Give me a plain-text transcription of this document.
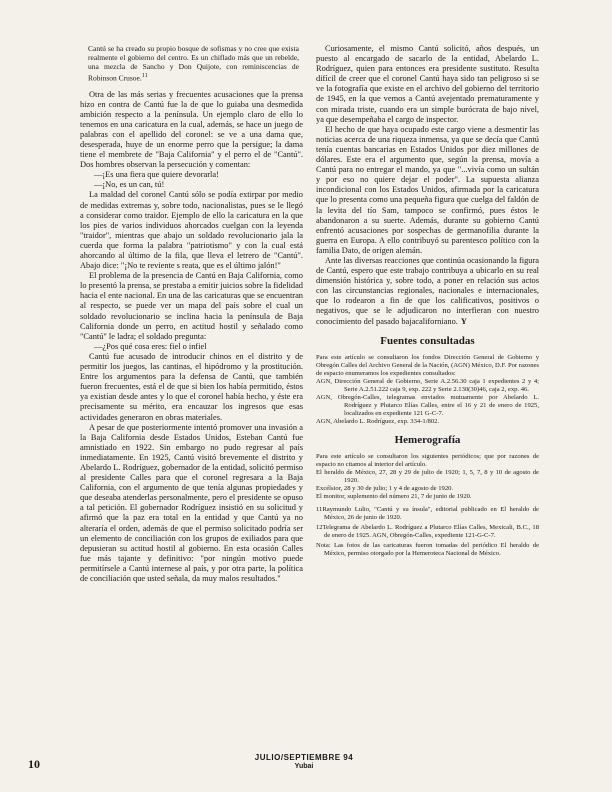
Cantú se ha creado su propio bosque de sofismas y no cree que exista realmente el gobierno del centro. Es un chiflado más que un rebelde, una mezcla de Sancho y Don Quijote, con reminiscencias de Robinson Crusoe.$^{11}$

Otra de las más serias y frecuentes acusaciones que la prensa hizo en contra de Cantú fue la de que lo guiaba una desmedida ambición respecto a la península. Un ejemplo claro de ello lo tenemos en una caricatura en la cual, además, se hace un juego de palabras con el apellido del coronel: se ve a una dama que, desesperada, huye de un enorme perro que la persigue; la dama tiene el membrete de "Baja California" y el perro el de "Cantú". Dos hombres observan la persecución y comentan:

—¡Es una fiera que quiere devorarla!

—¡No, es un can, tú!

La maldad del coronel Cantú sólo se podía extirpar por medio de medidas extremas y, sobre todo, nacionalistas, pues se le llegó a considerar como traidor. Ejemplo de ello la caricatura en la que los pies de varios individuos ahorcados cuelgan con la leyenda "traidor", mientras que abajo un soldado revolucionario jala la cuerda que forma la palabra "patriotismo" y con la cual está ahorcando al último de la fila, que lleva el letrero de "Cantú". Abajo dice: "¡No te reviente s reata, que es el último jalón!"

El problema de la presencia de Cantú en Baja California, como lo presentó la prensa, se prestaba a emitir juicios sobre la fidelidad hacia el ente nacional. En una de las caricaturas que se encuentran al respecto, se puede ver un mapa del país sobre el cual un soldado revolucionario se inclina hacia la península de Baja California donde un perro, en actitud hostil y señalado como "Cantú" le ladra; el soldado pregunta:

—¿Pos qué cosa eres: fiel o infiel

Cantú fue acusado de introducir chinos en el distrito y de permitir los juegos, las cantinas, el hipódromo y la prostitución. Entre los argumentos para la defensa de Cantú, que también fueron frecuentes, está el de que si bien los había permitido, éstos ya existían desde antes y lo que el coronel había hecho, y éste era precisamente su mérito, era encauzar los ingresos que esas actividades generaron en obras materiales.

A pesar de que posteriormente intentó promover una invasión a la Baja California desde Estados Unidos, Esteban Cantú fue amnistiado en 1922. Sin embargo no pudo regresar al país inmediatamente. En 1925, Cantú visitó brevemente el distrito y Abelardo L. Rodríguez, gobernador de la entidad, solicitó permiso al presidente Calles para que el coronel regresara a la Baja California, con el argumento de que tenía algunas propiedades y que deseaba atenderlas personalmente, pero el presidente se opuso a tal petición. El gobernador Rodríguez insistió en su solicitud y afirmó que la paz era total en la entidad y que Cantú ya no alteraría el orden, además de que el permiso solicitado podría ser un elemento de conciliación con los grupos de exiliados para que depusieran su actitud hostil al gobierno. En esta ocasión Calles fue más tajante y definitivo: "por ningún motivo puede permitírsele a Cantú internese al país, y por otra parte, la política de conciliación que usted señala, da muy malos resultados."

Curiosamente, el mismo Cantú solicitó, años después, un puesto al encargado de sacarlo de la entidad, Abelardo L. Rodríguez, quien para entonces era presidente sustituto. Resulta difícil de creer que el coronel Cantú haya sido tan peligroso si se ve la fotografía que existe en el archivo del gobierno del territorio de 1945, en la que vemos a Cantú avejentado prematuramente y con mirada triste, cuando era un simple burócrata de bajo nivel, ya que desempeñaba el cargo de inspector.

El hecho de que haya ocupado este cargo viene a desmentir las noticias acerca de una riqueza inmensa, ya que se decía que Cantú tenía cuentas bancarias en Estados Unidos por diez millones de dólares. Este era el argumento que, según la prensa, movía a Cantú para no entregar el mando, ya que "...vivía como un sultán y por eso no quiere dejar el poder". La supuesta alianza incondicional con los Estados Unidos, afirmada por la caricatura que lo presenta como una pequeña figura que cuelga del faldón de la levita del tío Sam, tampoco se confirmó, pues éstos le abandonaron a su suerte. Además, durante su gobierno Cantú enfrentó acusaciones por sospechas de germanofilia durante la guerra en Europa. A ello contribuyó su parentesco político con la familia Dato, de origen alemán.

Ante las diversas reacciones que continúa ocasionando la figura de Cantú, espero que este trabajo contribuya a ubicarlo en su real dimensión histórica y, sobre todo, a poner en relación sus actos con las circunstancias regionales, nacionales e internacionales, que lo rodearon a fin de que los calificativos, positivos o negativos, que se le adjudicaron no interfieran con nuestro conocimiento del pasado bajacaliforniano. Y

Fuentes consultadas

Para este artículo se consultaron los fondos Dirección General de Gobierno y Obregón Calles del Archivo General de la Nación, (AGN) México, D.F. Por razones de espacio enumeramos los expedientes consultados:

AGN, Dirección General de Gobierno, Serie A.2.56.30 caja 1 expedientes 2 y 4; Serie A.2.51.222 caja 9, exp. 222 y Serie 2.130(30)46, caja 2, exp. 46.

AGN, Obregón-Calles, telegramas enviados mutuamente por Abelardo L. Rodríguez y Plutarco Elías Calles, entre el 16 y 21 de enero de 1925, localizados en expediente 121 G-C-7.

AGN, Abelardo L. Rodríguez, exp. 334-1/802.

Hemerografía

Para este artículo se consultaron los siguientes periódicos; que por razones de espacio no citamos al interior del artículo.

El heraldo de México, 27, 28 y 29 de julio de 1920; 1, 5, 7, 8 y 10 de agosto de 1920.

Excélsior, 28 y 30 de julio; 1 y 4 de agosto de 1920.

El monitor, suplemento del número 21, 7 de junio de 1920.

11Raymundo Lulio, "Cantú y su ínsula", editorial publicado en El heraldo de México, 26 de junio de 1920.

12Telegrama de Abelardo L. Rodríguez a Plutarco Elías Calles, Mexicali, B.C., 18 de enero de 1925. AGN, Obregón-Calles, expediente 121-G-C-7.

Nota: Las fotos de las caricaturas fueron tomadas del periódico El heraldo de México, permiso otorgado por la Hemeroteca Nacional de México.

10	JULIO/SEPTIEMBRE 94
Yubai
